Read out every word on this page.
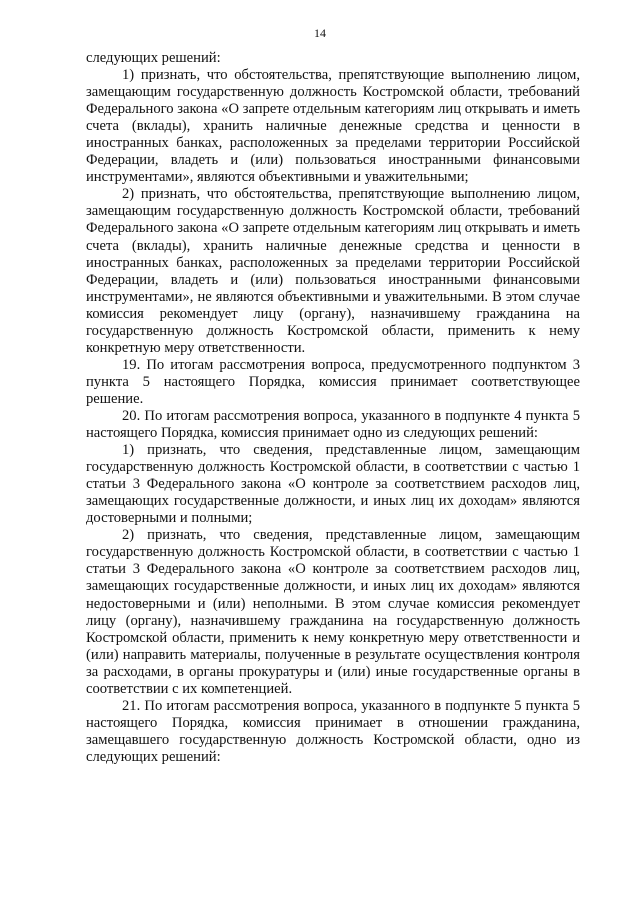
14

следующих решений:

1) признать, что обстоятельства, препятствующие выполнению лицом, замещающим государственную должность Костромской области, требований Федерального закона «О запрете отдельным категориям лиц открывать и иметь счета (вклады), хранить наличные денежные средства и ценности в иностранных банках, расположенных за пределами территории Российской Федерации, владеть и (или) пользоваться иностранными финансовыми инструментами», являются объективными и уважительными;

2) признать, что обстоятельства, препятствующие выполнению лицом, замещающим государственную должность Костромской области, требований Федерального закона «О запрете отдельным категориям лиц открывать и иметь счета (вклады), хранить наличные денежные средства и ценности в иностранных банках, расположенных за пределами территории Российской Федерации, владеть и (или) пользоваться иностранными финансовыми инструментами», не являются объективными и уважительными. В этом случае комиссия рекомендует лицу (органу), назначившему гражданина на государственную должность Костромской области, применить к нему конкретную меру ответственности.

19. По итогам рассмотрения вопроса, предусмотренного подпунктом 3 пункта 5 настоящего Порядка, комиссия принимает соответствующее решение.

20. По итогам рассмотрения вопроса, указанного в подпункте 4 пункта 5 настоящего Порядка, комиссия принимает одно из следующих решений:

1) признать, что сведения, представленные лицом, замещающим государственную должность Костромской области, в соответствии с частью 1 статьи 3 Федерального закона «О контроле за соответствием расходов лиц, замещающих государственные должности, и иных лиц их доходам» являются достоверными и полными;

2) признать, что сведения, представленные лицом, замещающим государственную должность Костромской области, в соответствии с частью 1 статьи 3 Федерального закона «О контроле за соответствием расходов лиц, замещающих государственные должности, и иных лиц их доходам» являются недостоверными и (или) неполными. В этом случае комиссия рекомендует лицу (органу), назначившему гражданина на государственную должность Костромской области, применить к нему конкретную меру ответственности и (или) направить материалы, полученные в результате осуществления контроля за расходами, в органы прокуратуры и (или) иные государственные органы в соответствии с их компетенцией.

21. По итогам рассмотрения вопроса, указанного в подпункте 5 пункта 5 настоящего Порядка, комиссия принимает в отношении гражданина, замещавшего государственную должность Костромской области, одно из следующих решений:
